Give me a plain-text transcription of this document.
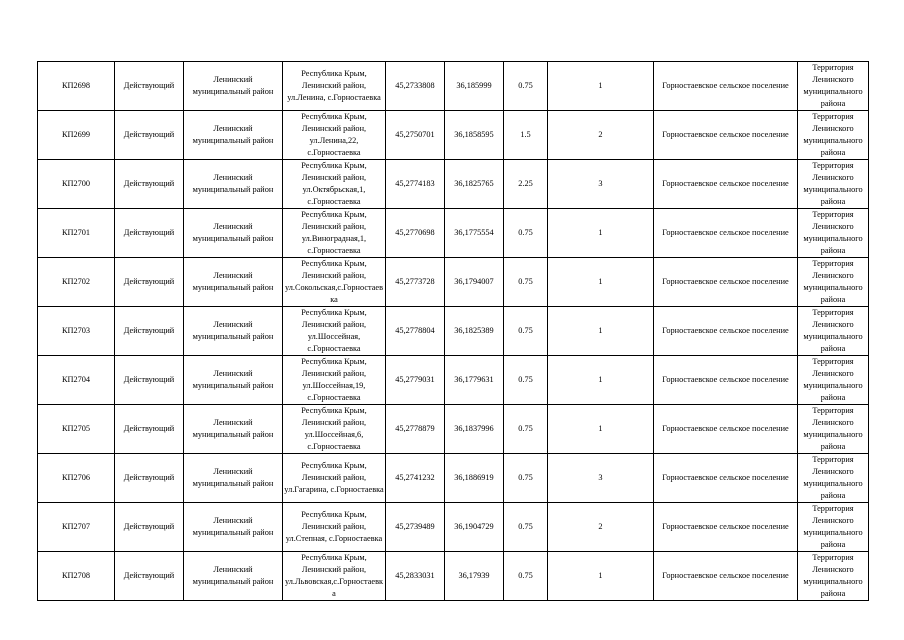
КП2698	Действующий	Ленинский муниципальный район	Республика Крым, Ленинский район, ул.Ленина, с.Горностаевка	45,2733808	36,185999	0.75	1	Горностаевское сельское поселение	Территория Ленинского муниципального района
КП2699	Действующий	Ленинский муниципальный район	Республика Крым, Ленинский район, ул.Ленина,22, с.Горностаевка	45,2750701	36,1858595	1.5	2	Горностаевское сельское поселение	Территория Ленинского муниципального района
КП2700	Действующий	Ленинский муниципальный район	Республика Крым, Ленинский район, ул.Октябрьская,1, с.Горностаевка	45,2774183	36,1825765	2.25	3	Горностаевское сельское поселение	Территория Ленинского муниципального района
КП2701	Действующий	Ленинский муниципальный район	Республика Крым, Ленинский район, ул.Виноградная,1, с.Горностаевка	45,2770698	36,1775554	0.75	1	Горностаевское сельское поселение	Территория Ленинского муниципального района
КП2702	Действующий	Ленинский муниципальный район	Республика Крым, Ленинский район, ул.Сокольская,с.Горностаевка	45,2773728	36,1794007	0.75	1	Горностаевское сельское поселение	Территория Ленинского муниципального района
КП2703	Действующий	Ленинский муниципальный район	Республика Крым, Ленинский район, ул.Шоссейная, с.Горностаевка	45,2778804	36,1825389	0.75	1	Горностаевское сельское поселение	Территория Ленинского муниципального района
КП2704	Действующий	Ленинский муниципальный район	Республика Крым, Ленинский район, ул.Шоссейная,19, с.Горностаевка	45,2779031	36,1779631	0.75	1	Горностаевское сельское поселение	Территория Ленинского муниципального района
КП2705	Действующий	Ленинский муниципальный район	Республика Крым, Ленинский район, ул.Шоссейная,6, с.Горностаевка	45,2778879	36,1837996	0.75	1	Горностаевское сельское поселение	Территория Ленинского муниципального района
КП2706	Действующий	Ленинский муниципальный район	Республика Крым, Ленинский район, ул.Гагарина, с.Горностаевка	45,2741232	36,1886919	0.75	3	Горностаевское сельское поселение	Территория Ленинского муниципального района
КП2707	Действующий	Ленинский муниципальный район	Республика Крым, Ленинский район, ул.Степная, с.Горностаевка	45,2739489	36,1904729	0.75	2	Горностаевское сельское поселение	Территория Ленинского муниципального района
КП2708	Действующий	Ленинский муниципальный район	Республика Крым, Ленинский район, ул.Львовская,с.Горностаевка	45,2833031	36,17939	0.75	1	Горностаевское сельское поселение	Территория Ленинского муниципального района
